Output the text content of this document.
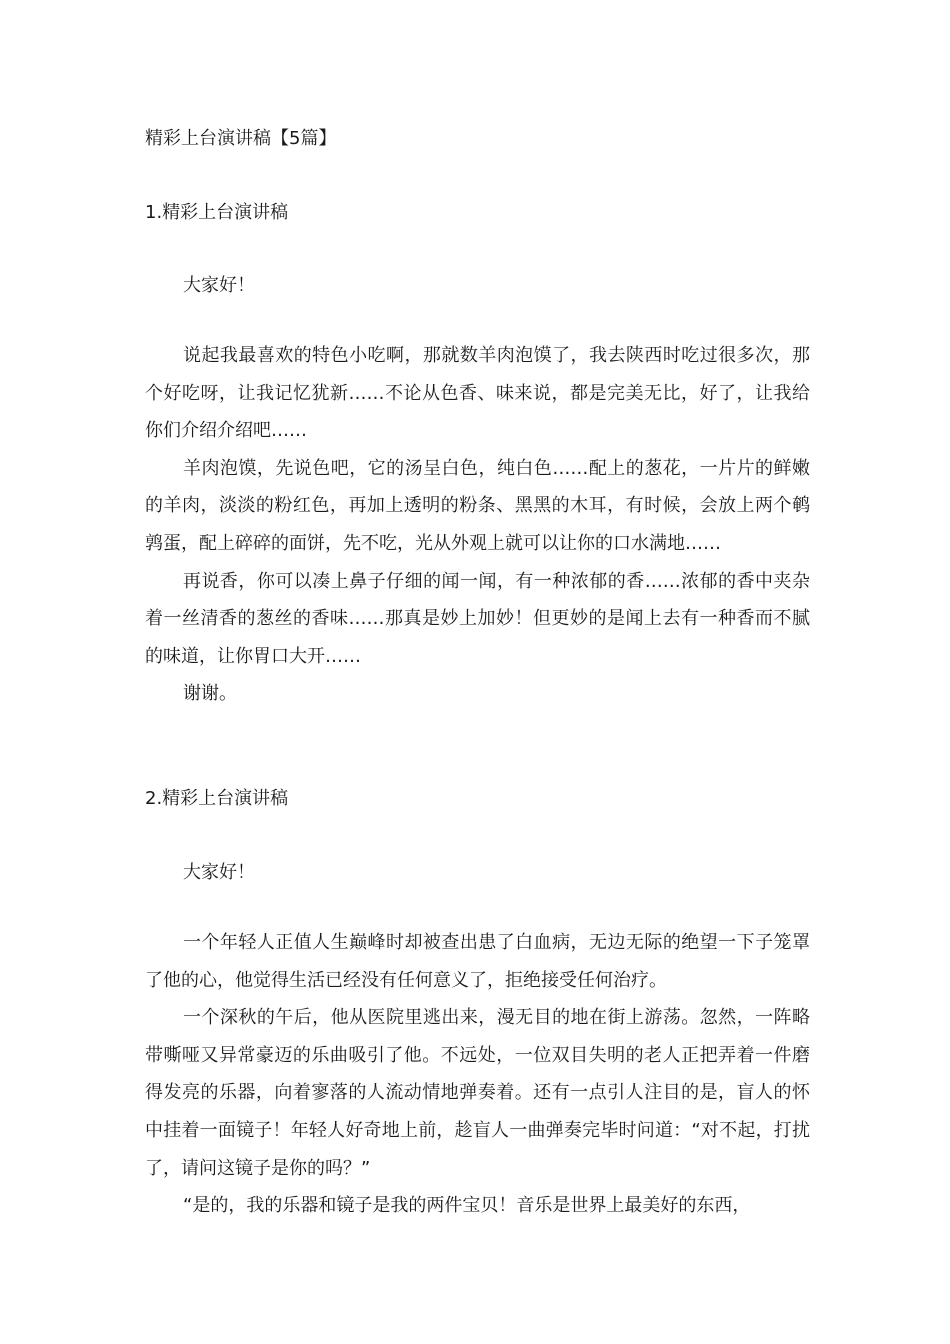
精彩上台演讲稿【5篇】
1.精彩上台演讲稿

大家好！

说起我最喜欢的特色小吃啊，那就数羊肉泡馍了，我去陕西时吃过很多次，那个好吃呀，让我记忆犹新……不论从色香、味来说，都是完美无比，好了，让我给你们介绍介绍吧……

羊肉泡馍，先说色吧，它的汤呈白色，纯白色……配上的葱花，一片片的鲜嫩的羊肉，淡淡的粉红色，再加上透明的粉条、黑黑的木耳，有时候，会放上两个鹌鹑蛋，配上碎碎的面饼，先不吃，光从外观上就可以让你的口水满地……

再说香，你可以凑上鼻子仔细的闻一闻，有一种浓郁的香……浓郁的香中夹杂着一丝清香的葱丝的香味……那真是妙上加妙！但更妙的是闻上去有一种香而不腻的味道，让你胃口大开……

谢谢。

2.精彩上台演讲稿

大家好！

一个年轻人正值人生巅峰时却被查出患了白血病，无边无际的绝望一下子笼罩了他的心，他觉得生活已经没有任何意义了，拒绝接受任何治疗。

一个深秋的午后，他从医院里逃出来，漫无目的地在街上游荡。忽然，一阵略带嘶哑又异常豪迈的乐曲吸引了他。不远处，一位双目失明的老人正把弄着一件磨得发亮的乐器，向着寥落的人流动情地弹奏着。还有一点引人注目的是，盲人的怀中挂着一面镜子！年轻人好奇地上前，趁盲人一曲弹奏完毕时问道：“对不起，打扰了，请问这镜子是你的吗？”

“是的，我的乐器和镜子是我的两件宝贝！音乐是世界上最美好的东西，
